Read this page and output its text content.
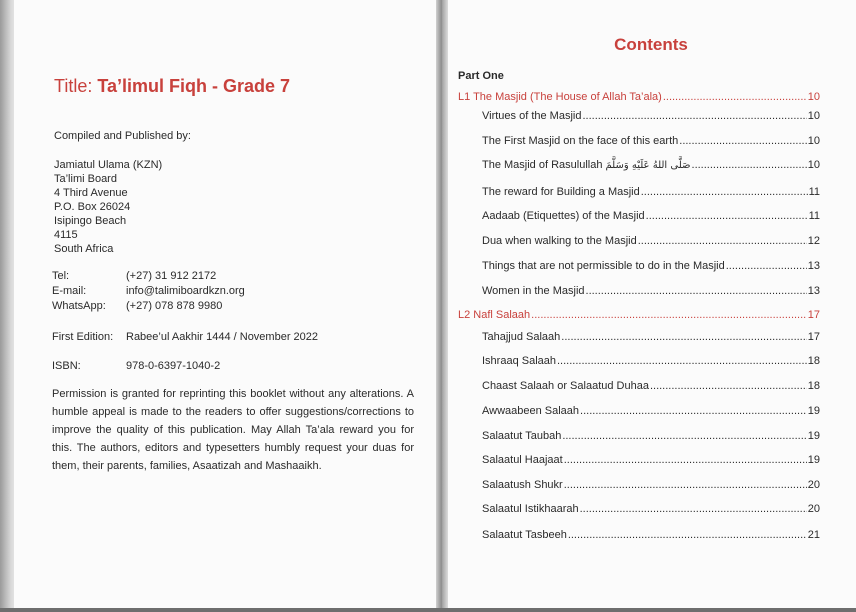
Title: Ta’limul Fiqh - Grade 7
Compiled and Published by:
Jamiatul Ulama (KZN)
Ta’limi Board
4 Third Avenue
P.O. Box 26024
Isipingo Beach
4115
South Africa
Tel:	(+27) 31 912 2172
E-mail:	info@talimiboardkzn.org
WhatsApp:	(+27) 078 878 9980
First Edition: Rabee’ul Aakhir 1444 / November 2022
ISBN:	978-0-6397-1040-2
Permission is granted for reprinting this booklet without any alterations. A humble appeal is made to the readers to offer suggestions/corrections to improve the quality of this publication. May Allah Ta’ala reward you for this. The authors, editors and typesetters humbly request your duas for them, their parents, families, Asaatizah and Mashaaikh.
Contents
Part One
L1 The Masjid (The House of Allah Ta’ala) .....	10
Virtues of the Masjid .....	10
The First Masjid on the face of this earth .....	10
The Masjid of Rasulullah
صَلَّى اللهُ عَلَيْهِ وَسَلَّمَ .....	10
The reward for Building a Masjid .....	11
Aadaab (Etiquettes) of the Masjid .....	11
Dua when walking to the Masjid .....	12
Things that are not permissible to do in the Masjid .....	13
Women in the Masjid .....	13
L2 Nafl Salaah .....	17
Tahajjud Salaah .....	17
Ishraaq Salaah .....	18
Chaast Salaah or Salaatud Duhaa .....	18
Awwaabeen Salaah .....	19
Salaatut Taubah .....	19
Salaatul Haajaat .....	19
Salaatush Shukr .....	20
Salaatul Istikhaarah .....	20
Salaatut Tasbeeh .....	21
